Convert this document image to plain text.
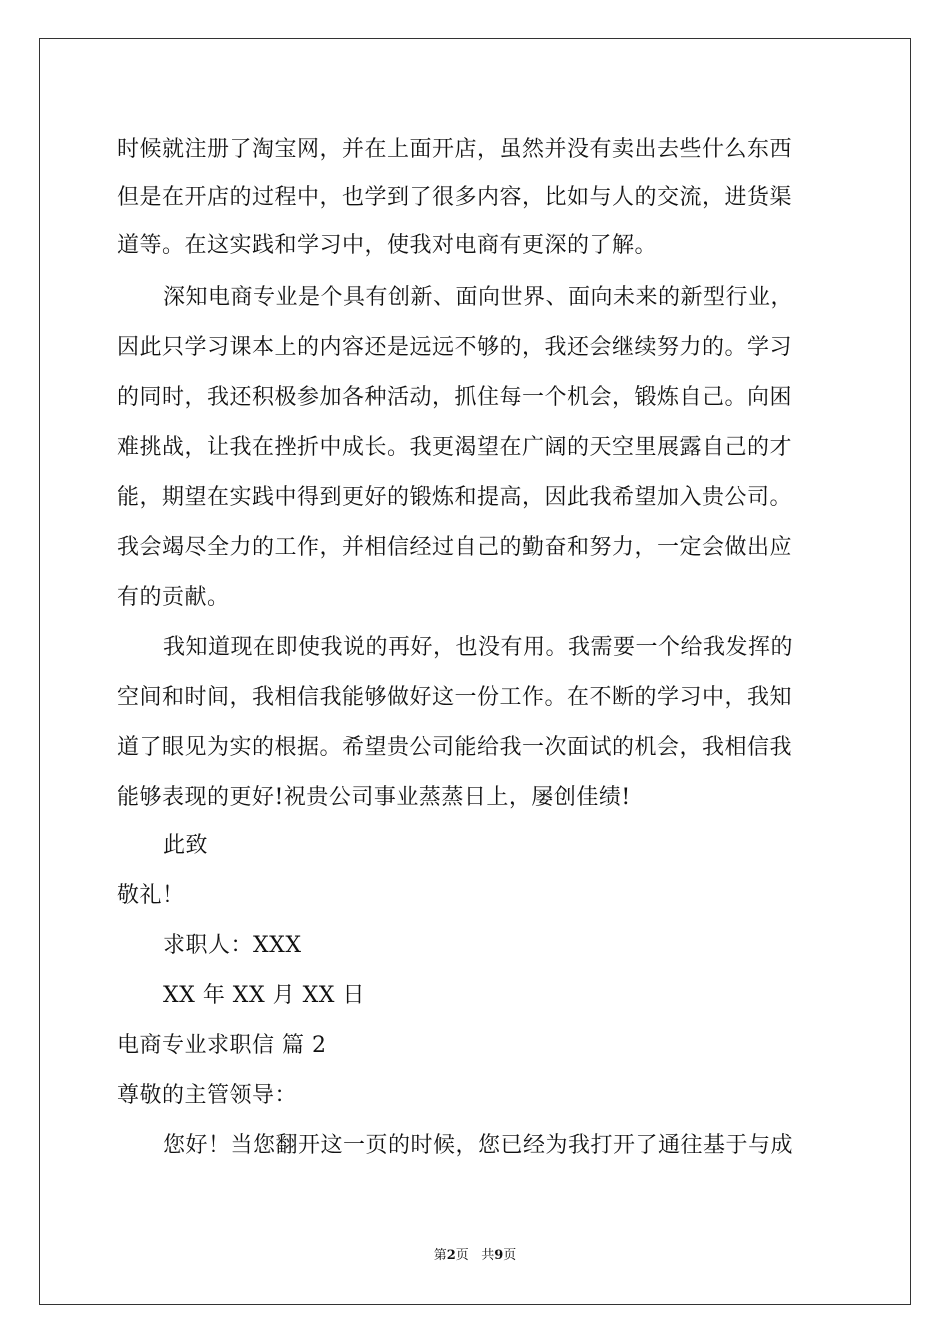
时候就注册了淘宝网，并在上面开店，虽然并没有卖出去些什么东西
但是在开店的过程中，也学到了很多内容，比如与人的交流，进货渠
道等。在这实践和学习中，使我对电商有更深的了解。
深知电商专业是个具有创新、面向世界、面向未来的新型行业，
因此只学习课本上的内容还是远远不够的，我还会继续努力的。学习
的同时，我还积极参加各种活动，抓住每一个机会，锻炼自己。向困
难挑战，让我在挫折中成长。我更渴望在广阔的天空里展露自己的才
能，期望在实践中得到更好的锻炼和提高，因此我希望加入贵公司。
我会竭尽全力的工作，并相信经过自己的勤奋和努力，一定会做出应
有的贡献。
我知道现在即使我说的再好，也没有用。我需要一个给我发挥的
空间和时间，我相信我能够做好这一份工作。在不断的学习中，我知
道了眼见为实的根据。希望贵公司能给我一次面试的机会，我相信我
能够表现的更好!祝贵公司事业蒸蒸日上，屡创佳绩!
此致
敬礼！
求职人：XXX
XX 年 XX 月 XX 日
电商专业求职信 篇 2
尊敬的主管领导：
您好！当您翻开这一页的时候，您已经为我打开了通往基于与成
第2页 共9页
